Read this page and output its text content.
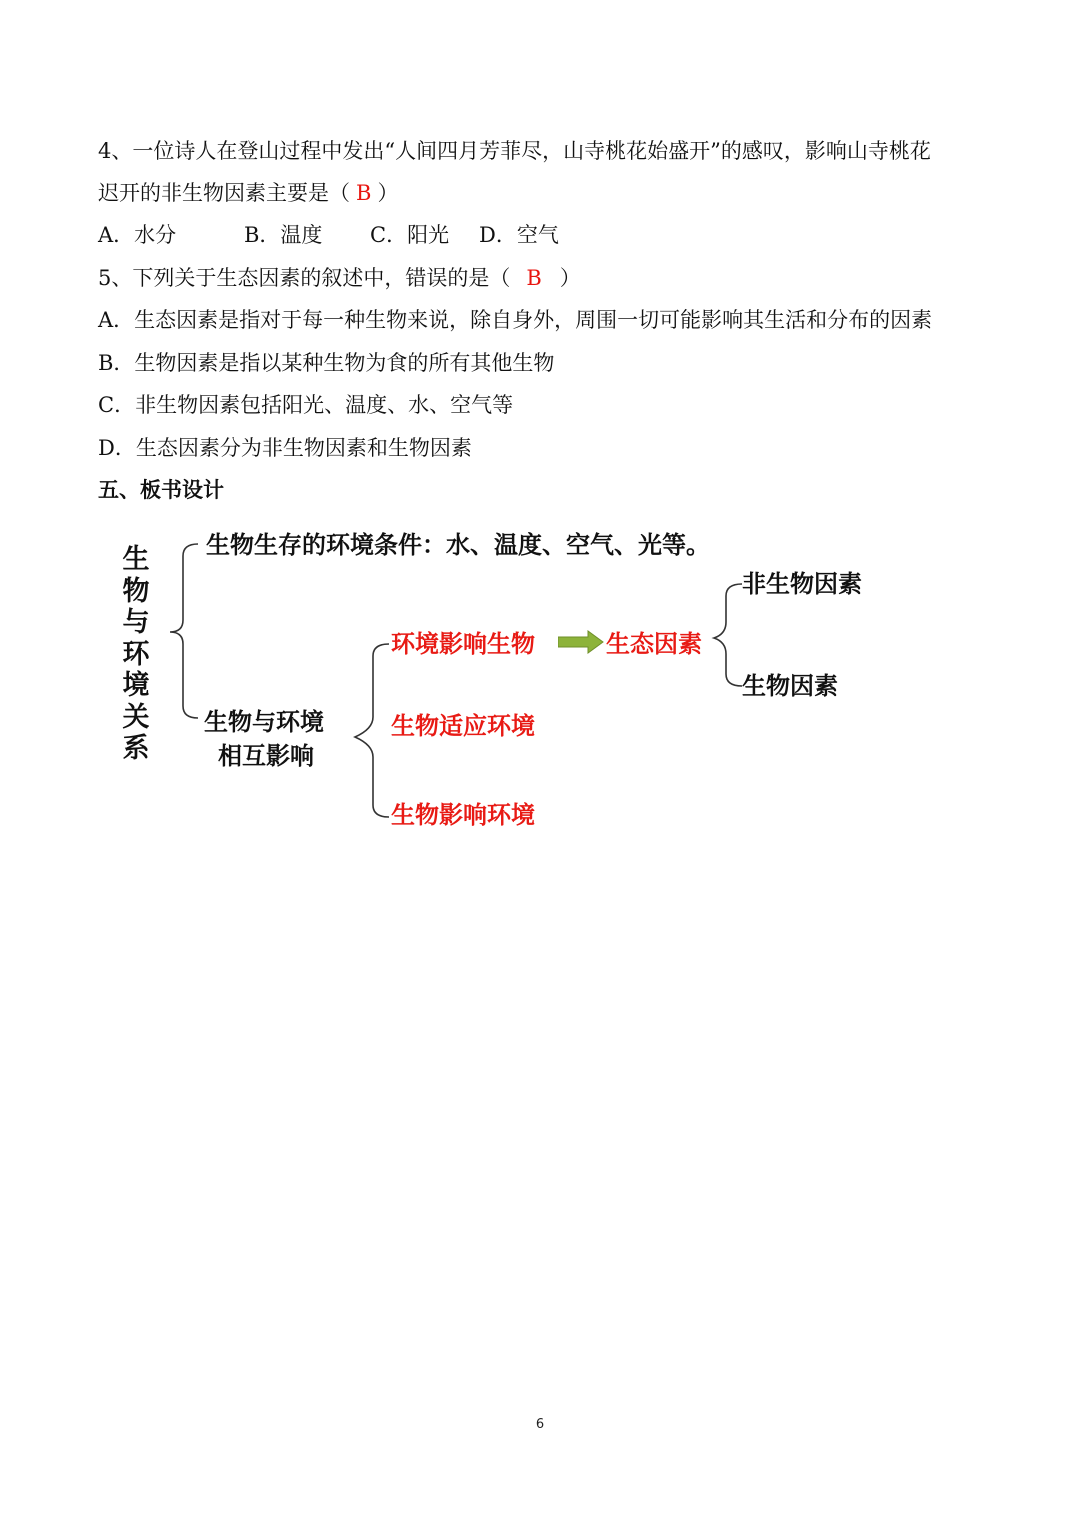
4、一位诗人在登山过程中发出“人间四月芳菲尽，山寺桃花始盛开”的感叹，影响山寺桃花
迟开的非生物因素主要是（ B ）
A．水分	B．温度 C．阳光 D．空气
5、下列关于生态因素的叙述中，错误的是（ B ）
A．生态因素是指对于每一种生物来说，除自身外，周围一切可能影响其生活和分布的因素
B．生物因素是指以某种生物为食的所有其他生物
C．非生物因素包括阳光、温度、水、空气等
D．生态因素分为非生物因素和生物因素
五、板书设计
生物与环境关系
生物生存的环境条件：水、温度、空气、光等。
生物与环境
相互影响
环境影响生物	生态因素
非生物因素
生物因素
生物适应环境
生物影响环境
6
